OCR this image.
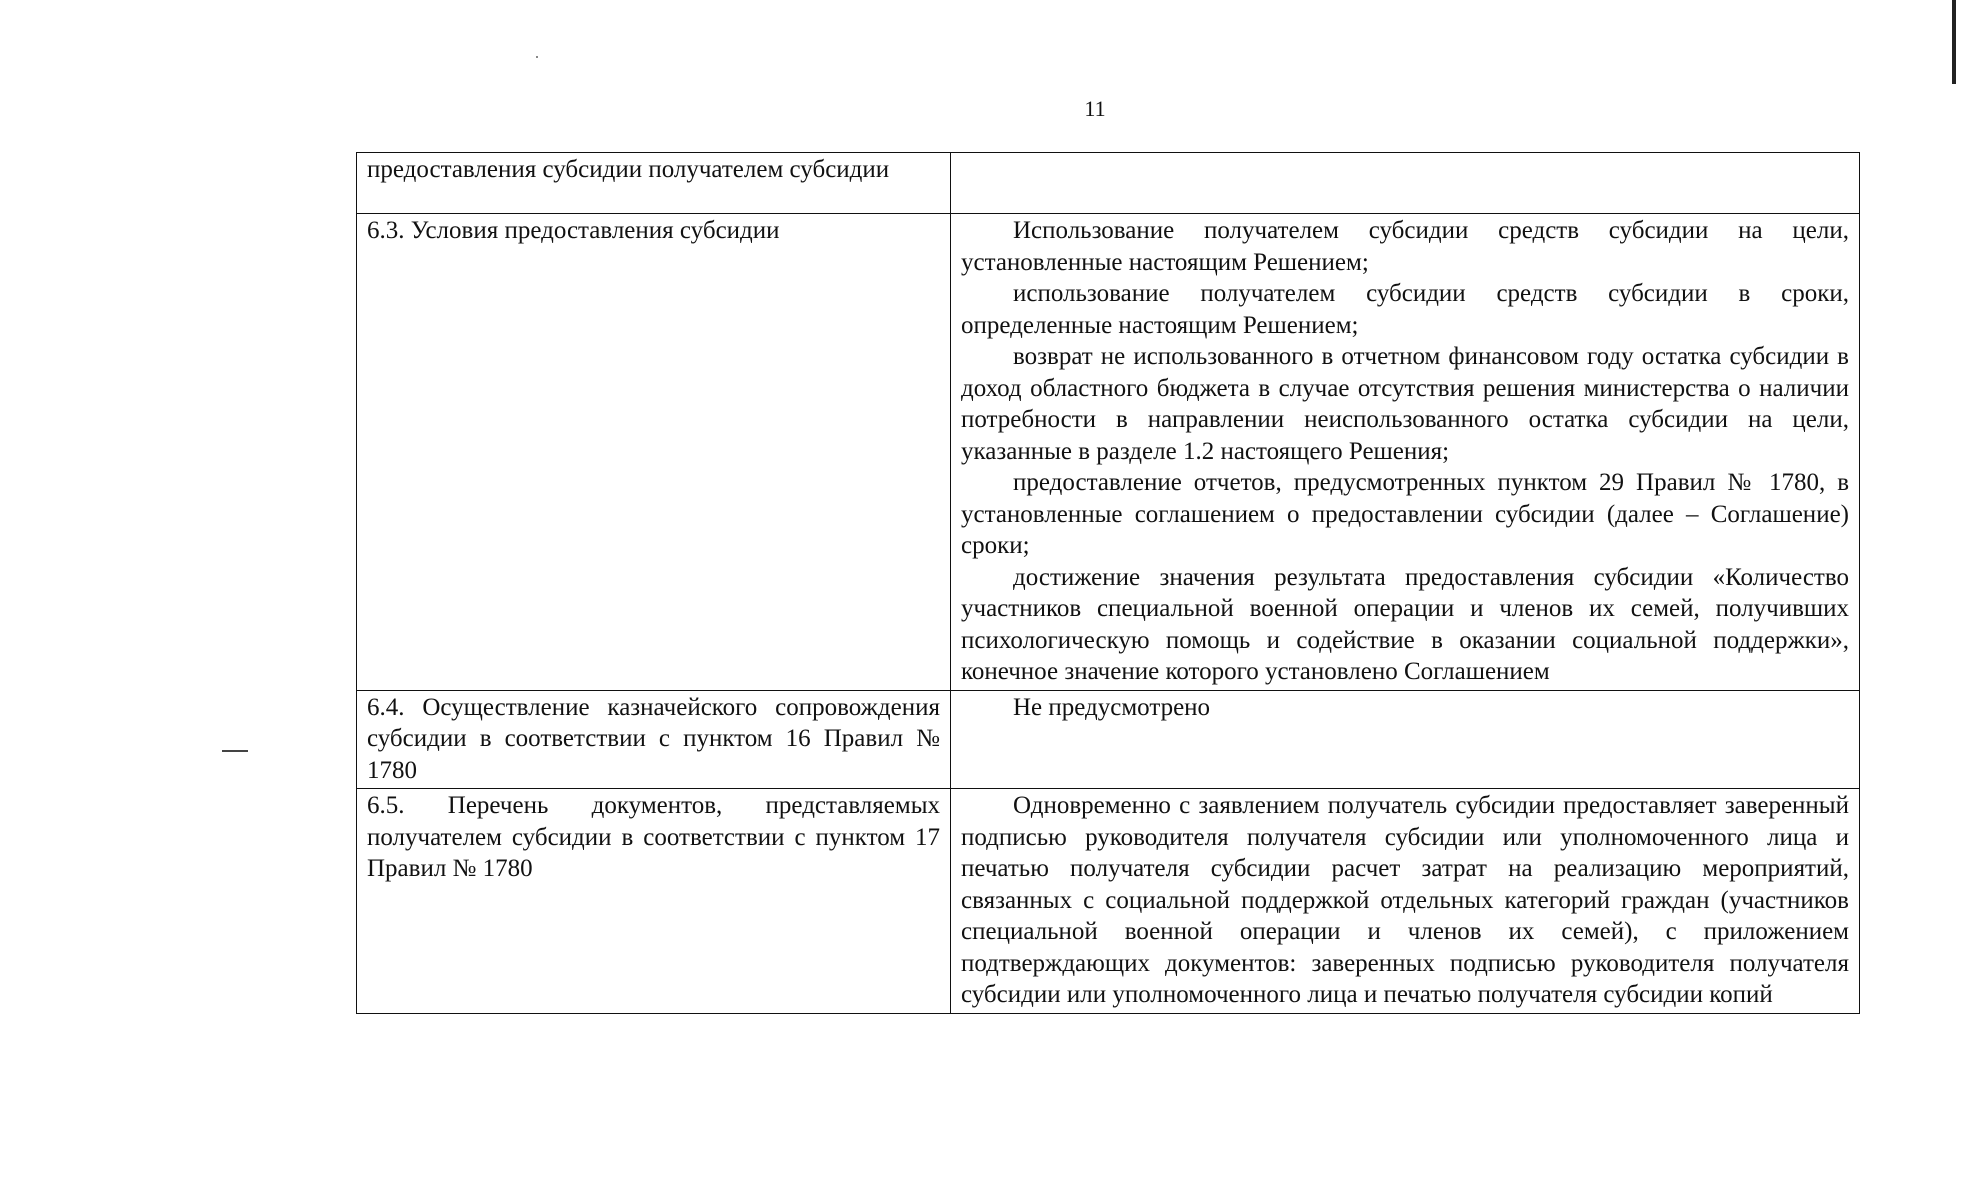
11

предоставления субсидии получателем субсидии	

6.3. Условия предоставления субсидии	Использование получателем субсидии средств субсидии на цели, установленные настоящим Решением;

использование получателем субсидии средств субсидии в сроки, определенные настоящим Решением;

возврат не использованного в отчетном финансовом году остатка субсидии в доход областного бюджета в случае отсутствия решения министерства о наличии потребности в направлении неиспользованного остатка субсидии на цели, указанные в разделе 1.2 настоящего Решения;

предоставление отчетов, предусмотренных пунктом 29 Правил № 1780, в установленные соглашением о предоставлении субсидии (далее – Соглашение) сроки;

достижение значения результата предоставления субсидии «Количество участников специальной военной операции и членов их семей, получивших психологическую помощь и содействие в оказании социальной поддержки», конечное значение которого установлено Соглашением

6.4. Осуществление казначейского сопровождения субсидии в соответствии с пунктом 16 Правил № 1780	Не предусмотрено

6.5. Перечень документов, представляемых получателем субсидии в соответствии с пунктом 17 Правил № 1780	Одновременно с заявлением получатель субсидии предоставляет заверенный подписью руководителя получателя субсидии или уполномоченного лица и печатью получателя субсидии расчет затрат на реализацию мероприятий, связанных с социальной поддержкой отдельных категорий граждан (участников специальной военной операции и членов их семей), с приложением подтверждающих документов: заверенных подписью руководителя получателя субсидии или уполномоченного лица и печатью получателя субсидии копий
